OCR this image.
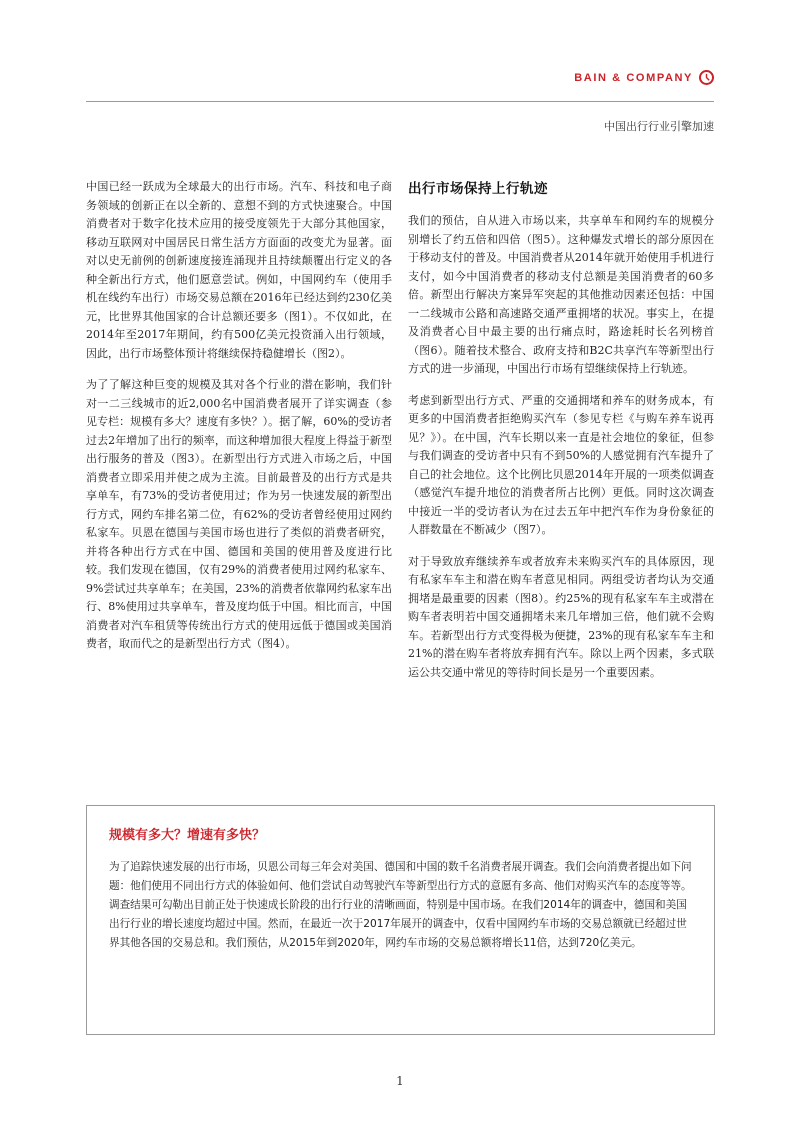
BAIN & COMPANY
中国出行行业引擎加速

中国已经一跃成为全球最大的出行市场。汽车、科技和电子商务领域的创新正在以全新的、意想不到的方式快速聚合。中国消费者对于数字化技术应用的接受度领先于大部分其他国家，移动互联网对中国居民日常生活方方面面的改变尤为显著。面对以史无前例的创新速度接连涌现并且持续颠覆出行定义的各种全新出行方式，他们愿意尝试。例如，中国网约车（使用手机在线约车出行）市场交易总额在2016年已经达到约230亿美元，比世界其他国家的合计总额还要多（图1）。不仅如此，在2014年至2017年期间，约有500亿美元投资涌入出行领域，因此，出行市场整体预计将继续保持稳健增长（图2）。

为了了解这种巨变的规模及其对各个行业的潜在影响，我们针对一二三线城市的近2,000名中国消费者展开了详实调查（参见专栏：规模有多大？速度有多快？）。据了解，60%的受访者过去2年增加了出行的频率，而这种增加很大程度上得益于新型出行服务的普及（图3）。在新型出行方式进入市场之后，中国消费者立即采用并使之成为主流。目前最普及的出行方式是共享单车，有73%的受访者使用过；作为另一快速发展的新型出行方式，网约车排名第二位，有62%的受访者曾经使用过网约私家车。贝恩在德国与美国市场也进行了类似的消费者研究，并将各种出行方式在中国、德国和美国的使用普及度进行比较。我们发现在德国，仅有29%的消费者使用过网约私家车、9%尝试过共享单车；在美国，23%的消费者依靠网约私家车出行、8%使用过共享单车，普及度均低于中国。相比而言，中国消费者对汽车租赁等传统出行方式的使用远低于德国或美国消费者，取而代之的是新型出行方式（图4）。

出行市场保持上行轨迹

我们的预估，自从进入市场以来，共享单车和网约车的规模分别增长了约五倍和四倍（图5）。这种爆发式增长的部分原因在于移动支付的普及。中国消费者从2014年就开始使用手机进行支付，如今中国消费者的移动支付总额是美国消费者的60多倍。新型出行解决方案异军突起的其他推动因素还包括：中国一二线城市公路和高速路交通严重拥堵的状况。事实上，在提及消费者心目中最主要的出行痛点时，路途耗时长名列榜首（图6）。随着技术整合、政府支持和B2C共享汽车等新型出行方式的进一步涌现，中国出行市场有望继续保持上行轨迹。

考虑到新型出行方式、严重的交通拥堵和养车的财务成本，有更多的中国消费者拒绝购买汽车（参见专栏《与购车养车说再见？》）。在中国，汽车长期以来一直是社会地位的象征，但参与我们调查的受访者中只有不到50%的人感觉拥有汽车提升了自己的社会地位。这个比例比贝恩2014年开展的一项类似调查（感觉汽车提升地位的消费者所占比例）更低。同时这次调查中接近一半的受访者认为在过去五年中把汽车作为身份象征的人群数量在不断减少（图7）。

对于导致放弃继续养车或者放弃未来购买汽车的具体原因，现有私家车车主和潜在购车者意见相同。两组受访者均认为交通拥堵是最重要的因素（图8）。约25%的现有私家车车主或潜在购车者表明若中国交通拥堵未来几年增加三倍，他们就不会购车。若新型出行方式变得极为便捷，23%的现有私家车车主和21%的潜在购车者将放弃拥有汽车。除以上两个因素，多式联运公共交通中常见的等待时间长是另一个重要因素。

规模有多大？增速有多快？
为了追踪快速发展的出行市场，贝恩公司每三年会对美国、德国和中国的数千名消费者展开调查。我们会向消费者提出如下问题：他们使用不同出行方式的体验如何、他们尝试自动驾驶汽车等新型出行方式的意愿有多高、他们对购买汽车的态度等等。调查结果可勾勒出目前正处于快速成长阶段的出行行业的清晰画面，特别是中国市场。在我们2014年的调查中，德国和美国出行行业的增长速度均超过中国。然而，在最近一次于2017年展开的调查中，仅看中国网约车市场的交易总额就已经超过世界其他各国的交易总和。我们预估，从2015年到2020年，网约车市场的交易总额将增长11倍，达到720亿美元。
1
